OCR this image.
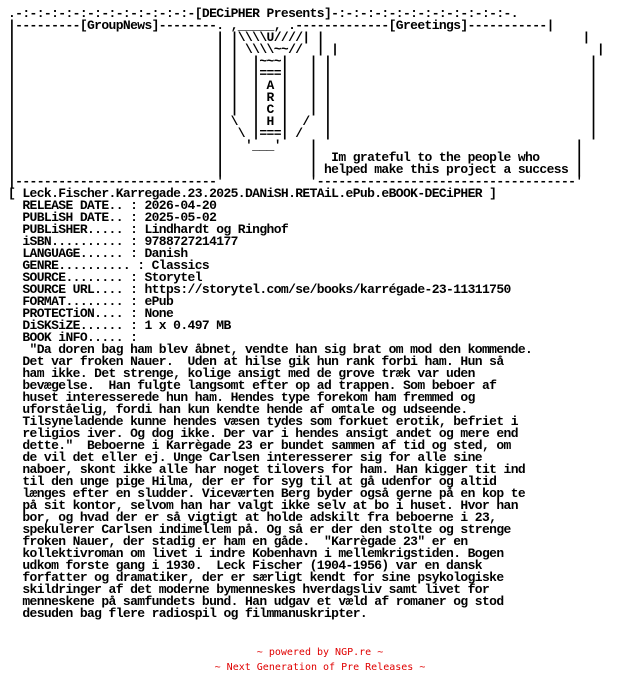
.-:-:-:-:-:-:-:-:-:-:-:-:-[DECiPHER Presents]-:-:-:-:-:-:-:-:-:-:-:-:-.
|---------[GroupNews]--------. ,_____, .-------------[Greetings]-----------|
|                            | |\\\\U////| |                                    |
|                            | | \\\\~~//  | |                                    |
|                            | |  |~~~|   | |                                    |
|                            | |  |===|   | |                                    |
|                            | |  | A |   | |                                    |
|                            | |  | R |   | |                                    |
|                            | |  | C |   | |                                    |
|                            | \  | H |  /  |                                    |
|                            |  \ |===| /   |                                    |
|                            |   '___'    |                                    |
|                            |            |  Im grateful to the people who     |
|                            |            | helped make this project a success |
|----------------------------'            '------------------------------------'
[ Leck.Fischer.Karregade.23.2025.DANiSH.RETAiL.ePub.eBOOK-DECiPHER ]
RELEASE DATE.. : 2026-04-20
PUBLiSH DATE.. : 2025-05-02
PUBLiSHER..... : Lindhardt og Ringhof
iSBN.......... : 9788727214177
LANGUAGE...... : Danish
GENRE.......... : Classics
SOURCE........ : Storytel
SOURCE URL.... : https://storytel.com/se/books/karrégade-23-11311750
FORMAT........ : ePub
PROTECTiON.... : None
DiSKSiZE...... : 1 x 0.497 MB
BOOK iNFO..... :
"Da doren bag ham blev åbnet, vendte han sig brat om mod den kommende.
Det var froken Nauer.  Uden at hilse gik hun rank forbi ham. Hun så
ham ikke. Det strenge, kolige ansigt med de grove træk var uden
bevægelse.  Han fulgte langsomt efter op ad trappen. Som beboer af
huset interesserede hun ham. Hendes type forekom ham fremmed og
uforståelig, fordi han kun kendte hende af omtale og udseende.
Tilsyneladende kunne hendes væsen tydes som forkuet erotik, befriet i
religios iver. Og dog ikke. Der var i hendes ansigt andet og mere end
dette."  Beboerne i Karrègade 23 er bundet sammen af tid og sted, om
de vil det eller ej. Unge Carlsen interesserer sig for alle sine
naboer, skont ikke alle har noget tilovers for ham. Han kigger tit ind
til den unge pige Hilma, der er for syg til at gå udenfor og altid
længes efter en sludder. Viceværten Berg byder også gerne på en kop te
på sit kontor, selvom han har valgt ikke selv at bo i huset. Hvor han
bor, og hvad der er så vigtigt at holde adskilt fra beboerne i 23,
spekulerer Carlsen indimellem på. Og så er der den stolte og strenge
froken Nauer, der stadig er ham en gåde.  "Karrègade 23" er en
kollektivroman om livet i indre Kobenhavn i mellemkrigstiden. Bogen
udkom forste gang i 1930.  Leck Fischer (1904-1956) var en dansk
forfatter og dramatiker, der er særligt kendt for sine psykologiske
skildringer af det moderne bymenneskes hverdagsliv samt livet for
menneskene på samfundets bund. Han udgav et væld af romaner og stod
desuden bag flere radiospil og filmmanuskripter.
~ powered by NGP.re ~
~ Next Generation of Pre Releases ~
